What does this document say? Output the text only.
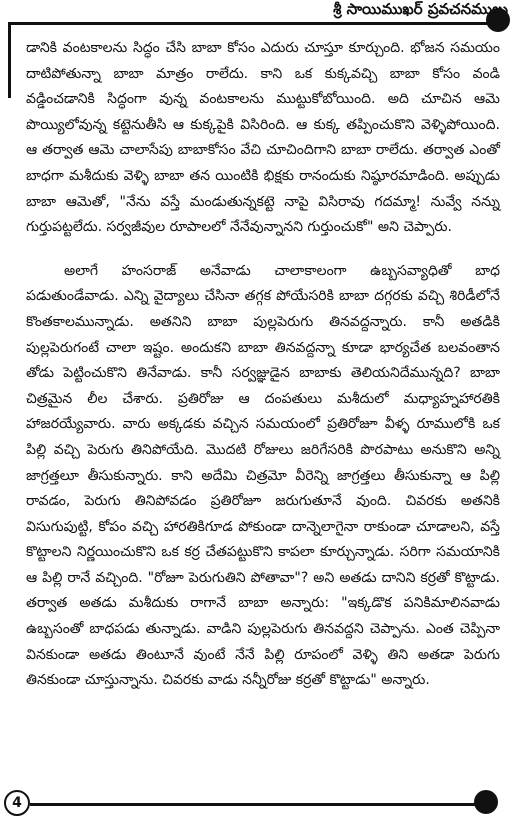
శ్రీ సాయిముఖర్ ప్రవచనములు

డానికి వంటకాలను సిద్ధం చేసి బాబా కోసం ఎదురు చూస్తూ కూర్చుంది. భోజన సమయం దాటిపోతున్నా బాబా మాత్రం రాలేదు. కాని ఒక కుక్కవచ్చి బాబా కోసం వండి వడ్డించడానికి సిద్ధంగా వున్న వంటకాలను ముట్టుకోబోయింది. అది చూచిన ఆమె పొయ్యిలోవున్న కట్టెనుతీసి ఆ కుక్కపైకి విసిరింది. ఆ కుక్క తప్పించుకొని వెళ్ళిపోయింది. ఆ తర్వాత ఆమె చాలాసేపు బాబాకోసం వేచి చూచిందిగాని బాబా రాలేదు. తర్వాత ఎంతో బాధగా మశీదుకు వెళ్ళి బాబా తన యింటికి భిక్షకు రానందుకు నిష్ఠూరమాడింది. అప్పుడు బాబా ఆమెతో, "నేను వస్తే మండుతున్నకట్టె నాపై విసిరావు గదమ్మా! నువ్వే నన్ను గుర్తుపట్టలేదు. సర్వజీవుల రూపాలలో నేనేవున్నానని గుర్తుంచుకో" అని చెప్పారు.

అలాగే హంసరాజ్ అనేవాడు చాలాకాలంగా ఉబ్బసవ్యాధితో బాధ పడుతుండేవాడు. ఎన్ని వైద్యాలు చేసినా తగ్గక పోయేసరికి బాబా దగ్గరకు వచ్చి శిరిడీలోనే కొంతకాలమున్నాడు. అతనిని బాబా పుల్లపెరుగు తినవద్దన్నారు. కానీ అతడికి పుల్లపెరుగంటే చాలా ఇష్టం. అందుకని బాబా తినవద్దన్నా కూడా భార్యచేత బలవంతాన తోడు పెట్టించుకొని తినేవాడు. కానీ సర్వజ్ఞుడైన బాబాకు తెలియనిదేమున్నది? బాబా చిత్రమైన లీల చేశారు. ప్రతిరోజు ఆ దంపతులు మశీదులో మధ్యాహ్నహారతికి హాజరయ్యేవారు. వారు అక్కడకు వచ్చిన సమయంలో ప్రతిరోజూ వీళ్ళ రూములోకి ఒక పిల్లి వచ్చి పెరుగు తినిపోయేది. మొదటి రోజులు జరిగేసరికి పొరపాటు అనుకొని అన్ని జాగ్రత్తలూ తీసుకున్నారు. కాని అదేమి చిత్రమో వీరెన్ని జాగ్రత్తలు తీసుకున్నా ఆ పిల్లి రావడం, పెరుగు తినిపోవడం ప్రతిరోజూ జరుగుతూనే వుంది. చివరకు అతనికి విసుగుపుట్టి, కోపం వచ్చి హారతికిగూడ పోకుండా దాన్నెలాగైనా రాకుండా చూడాలని, వస్తే కొట్టాలని నిర్ణయించుకొని ఒక కర్ర చేతపట్టుకొని కాపలా కూర్చున్నాడు. సరిగా సమయానికి ఆ పిల్లి రానే వచ్చింది. "రోజూ పెరుగుతిని పోతావా"? అని అతడు దానిని కర్రతో కొట్టాడు. తర్వాత అతడు మశీదుకు రాగానే బాబా అన్నారు: "ఇక్కడొక పనికిమాలినవాడు ఉబ్బసంతో బాధపడు తున్నాడు. వాడిని పుల్లపెరుగు తినవద్దని చెప్పాను. ఎంత చెప్పినా వినకుండా అతడు తింటూనే వుంటే నేనే పిల్లి రూపంలో వెళ్ళి తిని అతడా పెరుగు తినకుండా చూస్తున్నాను. చివరకు వాడు నన్నీరోజు కర్రతో కొట్టాడు" అన్నారు.

4
